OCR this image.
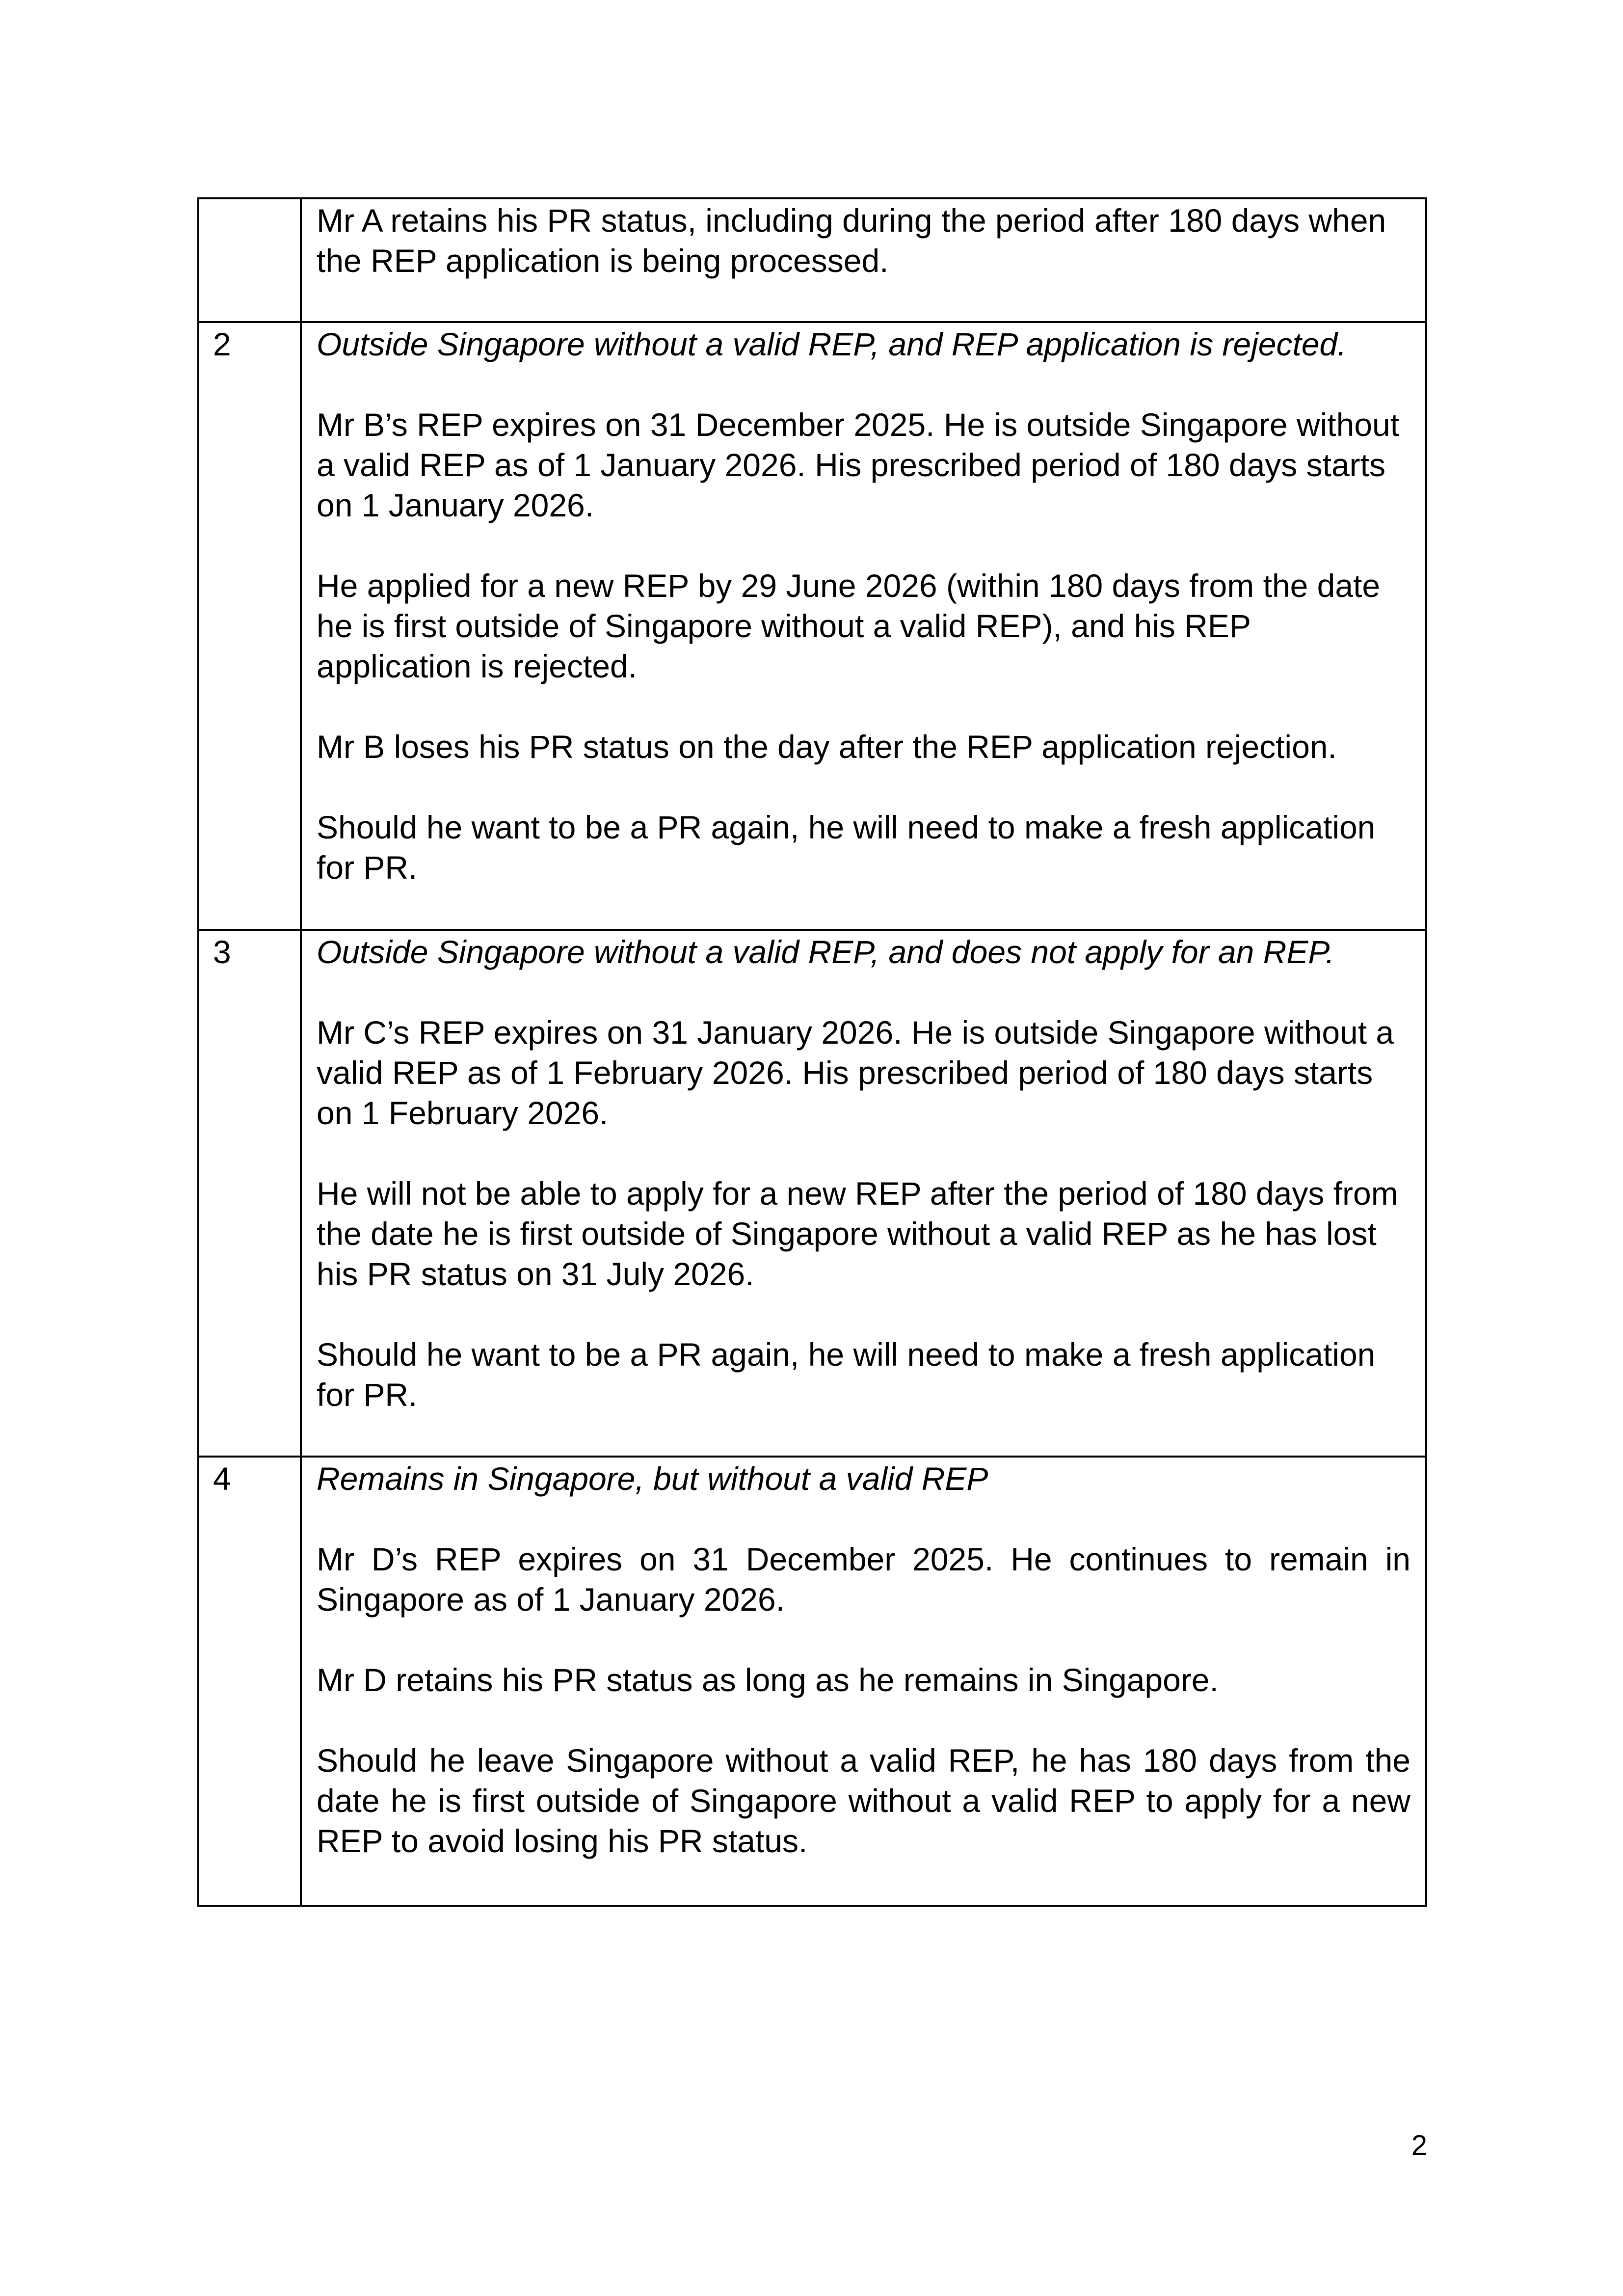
	Mr A retains his PR status, including during the period after 180 days when the REP application is being processed.

2	Outside Singapore without a valid REP, and REP application is rejected.

Mr B’s REP expires on 31 December 2025. He is outside Singapore without a valid REP as of 1 January 2026. His prescribed period of 180 days starts on 1 January 2026.

He applied for a new REP by 29 June 2026 (within 180 days from the date he is first outside of Singapore without a valid REP), and his REP application is rejected.

Mr B loses his PR status on the day after the REP application rejection.

Should he want to be a PR again, he will need to make a fresh application for PR.

3	Outside Singapore without a valid REP, and does not apply for an REP.

Mr C’s REP expires on 31 January 2026. He is outside Singapore without a valid REP as of 1 February 2026. His prescribed period of 180 days starts on 1 February 2026.

He will not be able to apply for a new REP after the period of 180 days from the date he is first outside of Singapore without a valid REP as he has lost his PR status on 31 July 2026.

Should he want to be a PR again, he will need to make a fresh application for PR.

4	Remains in Singapore, but without a valid REP

Mr D’s REP expires on 31 December 2025. He continues to remain in Singapore as of 1 January 2026.

Mr D retains his PR status as long as he remains in Singapore.

Should he leave Singapore without a valid REP, he has 180 days from the date he is first outside of Singapore without a valid REP to apply for a new REP to avoid losing his PR status.

2
